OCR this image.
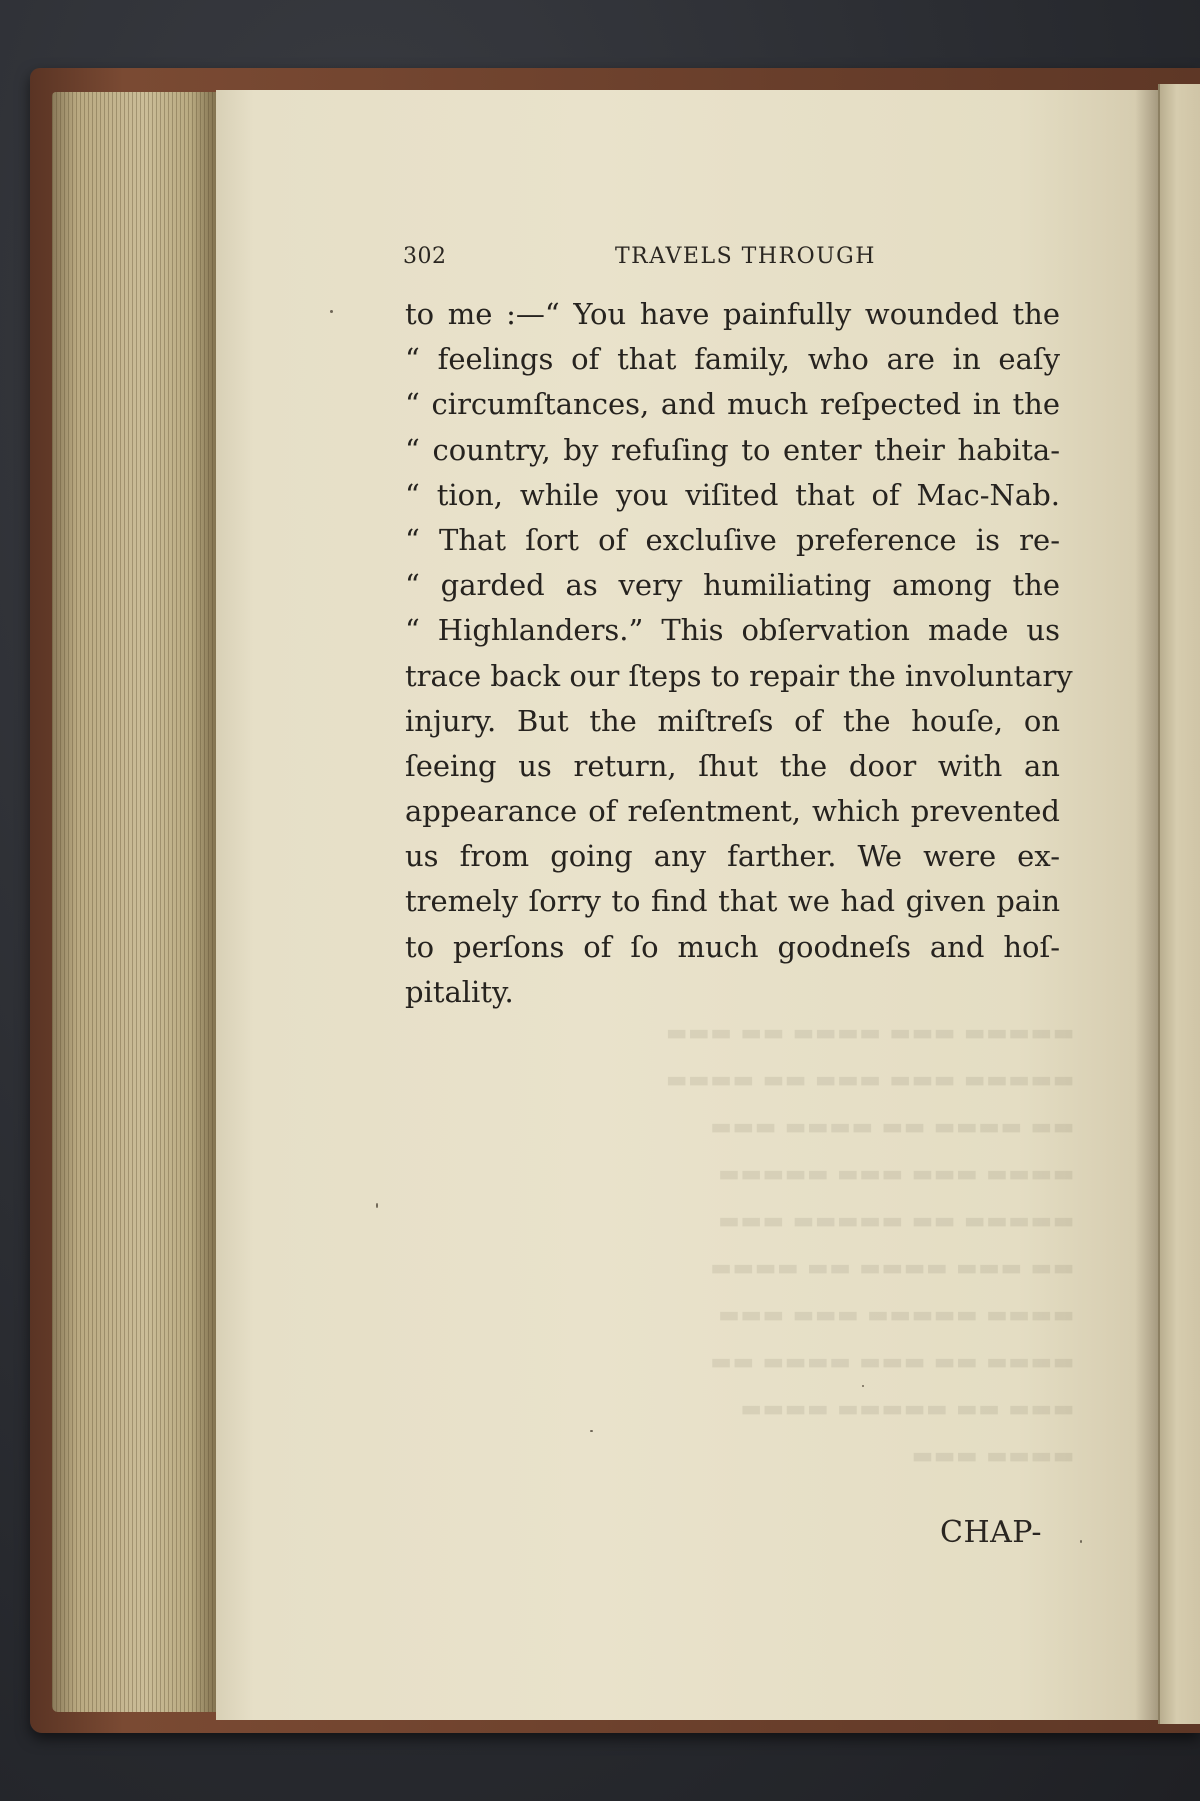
302	TRAVELS THROUGH
to me :—“ You have painfully wounded the
“ feelings of that family, who are in eaſy
“ circumſtances, and much reſpected in the
“ country, by refuſing to enter their habita-
“ tion, while you viſited that of Mac-Nab.
“ That ſort of excluſive preference is re-
“ garded as very humiliating among the
“ Highlanders.” This obſervation made us
trace back our ſteps to repair the involuntary
injury. But the miſtreſs of the houſe, on
ſeeing us return, ſhut the door with an
appearance of reſentment, which prevented
us from going any farther. We were ex-
tremely ſorry to find that we had given pain
to perſons of ſo much goodneſs and hoſ-
pitality.
CHAP-
